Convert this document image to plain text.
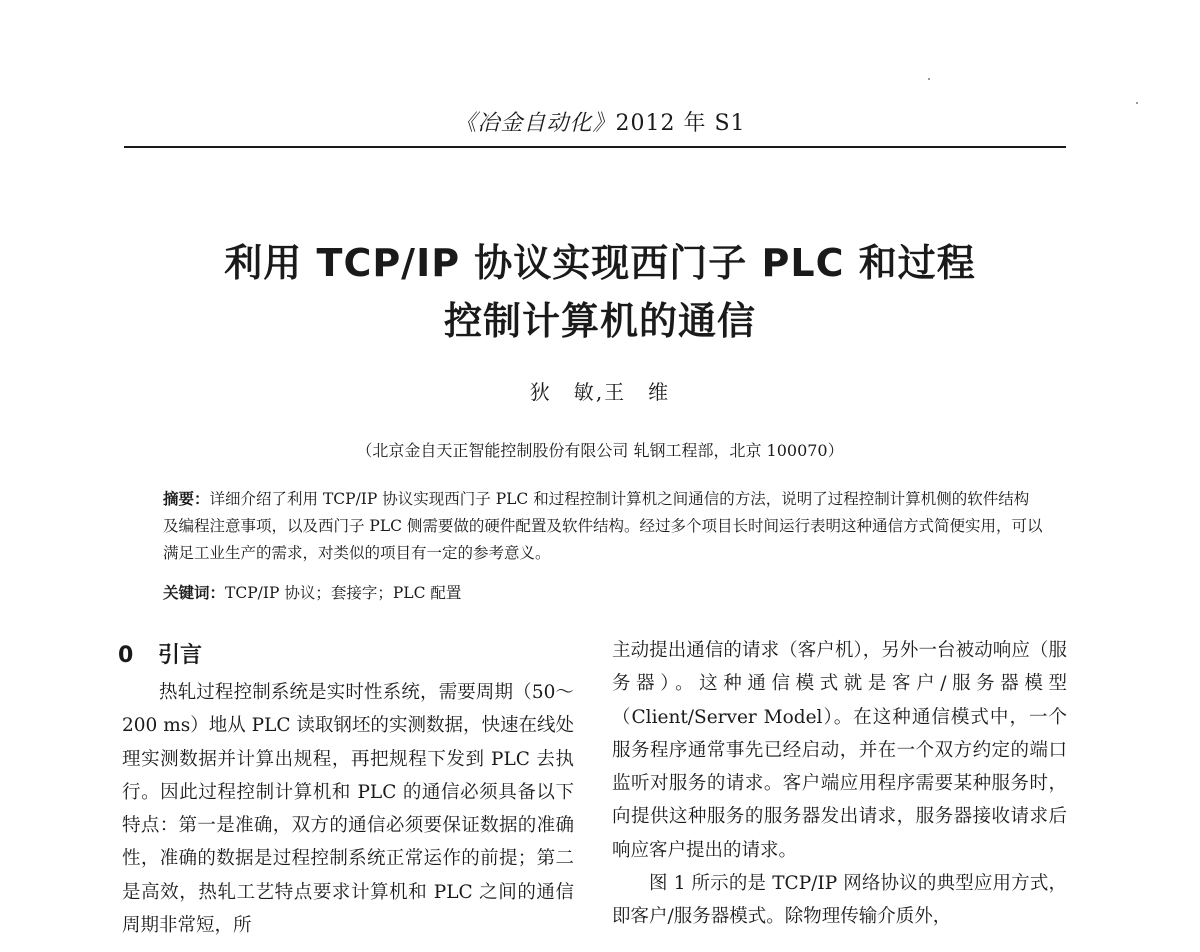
《冶金自动化》2012 年 S1
利用 TCP/IP 协议实现西门子 PLC 和过程
控制计算机的通信
狄　敏,王　维
（北京金自天正智能控制股份有限公司 轧钢工程部，北京 100070）
摘要：详细介绍了利用 TCP/IP 协议实现西门子 PLC 和过程控制计算机之间通信的方法，说明了过程控制计算机侧的软件结构及编程注意事项，以及西门子 PLC 侧需要做的硬件配置及软件结构。经过多个项目长时间运行表明这种通信方式简便实用，可以满足工业生产的需求，对类似的项目有一定的参考意义。
关键词：TCP/IP 协议；套接字；PLC 配置
0 引言

热轧过程控制系统是实时性系统，需要周期（50～200 ms）地从 PLC 读取钢坯的实测数据，快速在线处理实测数据并计算出规程，再把规程下发到 PLC 去执行。因此过程控制计算机和 PLC 的通信必须具备以下特点：第一是准确，双方的通信必须要保证数据的准确性，准确的数据是过程控制系统正常运作的前提；第二是高效，热轧工艺特点要求计算机和 PLC 之间的通信周期非常短，所

主动提出通信的请求（客户机），另外一台被动响应（服务器）。这种通信模式就是客户/服务器模型（Client/Server Model）。在这种通信模式中，一个服务程序通常事先已经启动，并在一个双方约定的端口监听对服务的请求。客户端应用程序需要某种服务时，向提供这种服务的服务器发出请求，服务器接收请求后响应客户提出的请求。

图 1 所示的是 TCP/IP 网络协议的典型应用方式，即客户/服务器模式。除物理传输介质外，
